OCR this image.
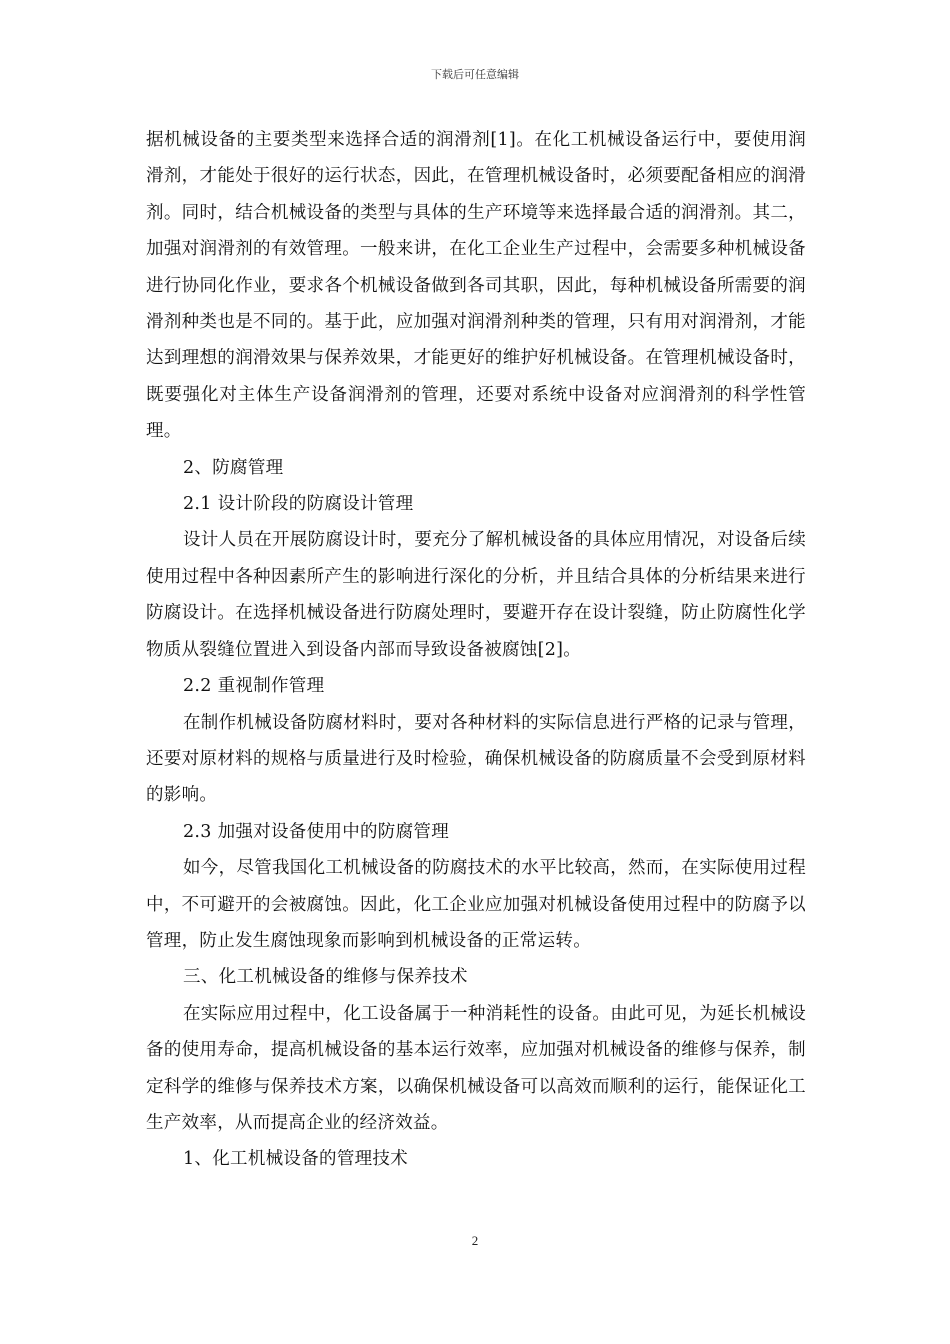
下载后可任意编辑

据机械设备的主要类型来选择合适的润滑剂[1]。在化工机械设备运行中，要使用润滑剂，才能处于很好的运行状态，因此，在管理机械设备时，必须要配备相应的润滑剂。同时，结合机械设备的类型与具体的生产环境等来选择最合适的润滑剂。其二，加强对润滑剂的有效管理。一般来讲，在化工企业生产过程中，会需要多种机械设备进行协同化作业，要求各个机械设备做到各司其职，因此，每种机械设备所需要的润滑剂种类也是不同的。基于此，应加强对润滑剂种类的管理，只有用对润滑剂，才能达到理想的润滑效果与保养效果，才能更好的维护好机械设备。在管理机械设备时，既要强化对主体生产设备润滑剂的管理，还要对系统中设备对应润滑剂的科学性管理。

2、防腐管理

2.1 设计阶段的防腐设计管理

设计人员在开展防腐设计时，要充分了解机械设备的具体应用情况，对设备后续使用过程中各种因素所产生的影响进行深化的分析，并且结合具体的分析结果来进行防腐设计。在选择机械设备进行防腐处理时，要避开存在设计裂缝，防止防腐性化学物质从裂缝位置进入到设备内部而导致设备被腐蚀[2]。

2.2 重视制作管理

在制作机械设备防腐材料时，要对各种材料的实际信息进行严格的记录与管理，还要对原材料的规格与质量进行及时检验，确保机械设备的防腐质量不会受到原材料的影响。

2.3 加强对设备使用中的防腐管理

如今，尽管我国化工机械设备的防腐技术的水平比较高，然而，在实际使用过程中，不可避开的会被腐蚀。因此，化工企业应加强对机械设备使用过程中的防腐予以管理，防止发生腐蚀现象而影响到机械设备的正常运转。

三、化工机械设备的维修与保养技术

在实际应用过程中，化工设备属于一种消耗性的设备。由此可见，为延长机械设备的使用寿命，提高机械设备的基本运行效率，应加强对机械设备的维修与保养，制定科学的维修与保养技术方案，以确保机械设备可以高效而顺利的运行，能保证化工生产效率，从而提高企业的经济效益。

1、化工机械设备的管理技术

2
